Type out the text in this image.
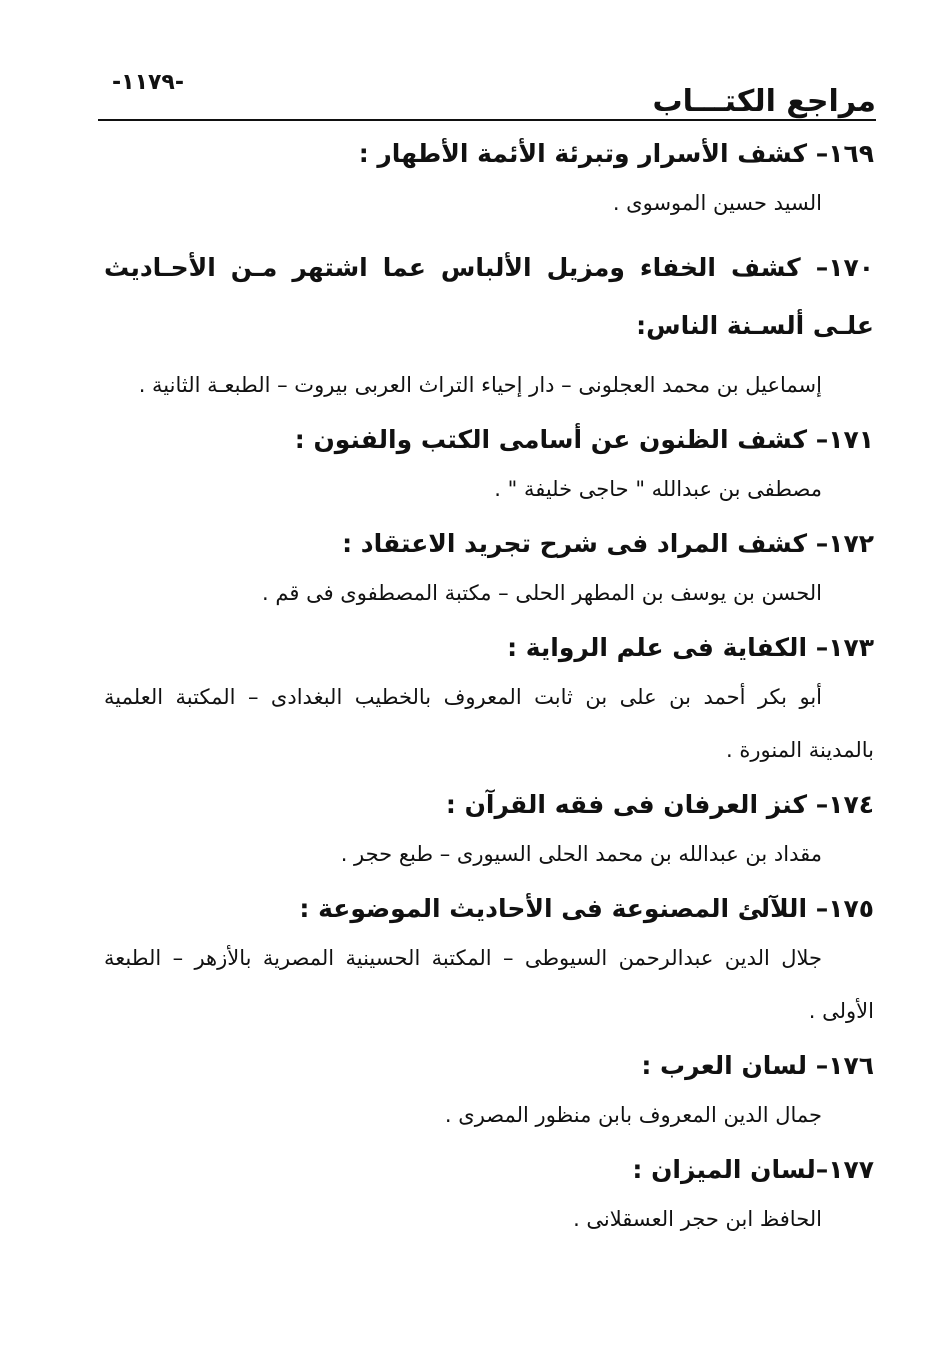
-١١٧٩-
مراجع الكتـــاب
١٦٩– كشف الأسرار وتبرئة الأئمة الأطهار :
السيد حسين الموسوى .
١٧٠– كشف الخفاء ومزيل الألباس عما اشتهر مـن الأحـاديث علـى ألسـنة الناس:
إسماعيل بن محمد العجلونى – دار إحياء التراث العربى بيروت – الطبعـة الثانية .
١٧١– كشف الظنون عن أسامى الكتب والفنون :
مصطفى بن عبدالله " حاجى خليفة " .
١٧٢– كشف المراد فى شرح تجريد الاعتقاد :
الحسن بن يوسف بن المطهر الحلى – مكتبة المصطفوى فى قم .
١٧٣– الكفاية فى علم الرواية :
أبو بكر أحمد بن على بن ثابت المعروف بالخطيب البغدادى – المكتبة العلمية بالمدينة المنورة .
١٧٤– كنز العرفان فى فقه القرآن :
مقداد بن عبدالله بن محمد الحلى السيورى – طبع حجر .
١٧٥– اللآلئ المصنوعة فى الأحاديث الموضوعة :
جلال الدين عبدالرحمن السيوطى – المكتبة الحسينية المصرية بالأزهر – الطبعة الأولى .
١٧٦– لسان العرب :
جمال الدين المعروف بابن منظور المصرى .
١٧٧–لسان الميزان :
الحافظ ابن حجر العسقلانى .
